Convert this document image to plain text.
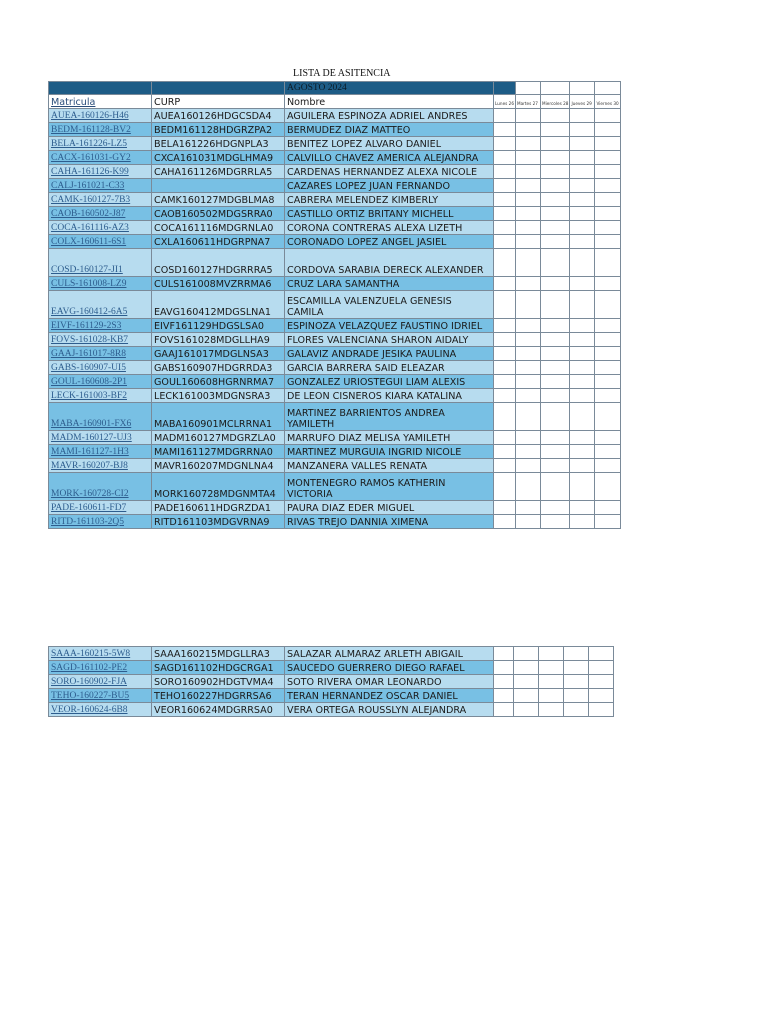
LISTA DE ASITENCIA
		AGOSTO 2024					
Matricula	CURP	Nombre	Lunes 26	Martes 27	Miercoles 28	Jueves 29	Viernes 30
AUEA-160126-H46	AUEA160126HDGCSDA4	AGUILERA ESPINOZA ADRIEL ANDRES					
BEDM-161128-BV2	BEDM161128HDGRZPA2	BERMUDEZ DIAZ MATTEO					
BELA-161226-LZ5	BELA161226HDGNPLA3	BENITEZ LOPEZ ALVARO DANIEL					
CACX-161031-GY2	CXCA161031MDGLHMA9	CALVILLO CHAVEZ AMERICA ALEJANDRA					
CAHA-161126-K99	CAHA161126MDGRRLA5	CARDENAS HERNANDEZ ALEXA NICOLE					
CALJ-161021-C33		CAZARES LOPEZ JUAN FERNANDO					
CAMK-160127-7B3	CAMK160127MDGBLMA8	CABRERA MELENDEZ KIMBERLY					
CAOB-160502-J87	CAOB160502MDGSRRA0	CASTILLO ORTIZ BRITANY MICHELL					
COCA-161116-AZ3	COCA161116MDGRNLA0	CORONA CONTRERAS ALEXA LIZETH					
COLX-160611-6S1	CXLA160611HDGRPNA7	CORONADO LOPEZ ANGEL JASIEL					
COSD-160127-JI1	COSD160127HDGRRRA5	CORDOVA SARABIA DERECK ALEXANDER					
CULS-161008-LZ9	CULS161008MVZRRMA6	CRUZ LARA SAMANTHA					
EAVG-160412-6A5	EAVG160412MDGSLNA1	ESCAMILLA VALENZUELA GENESIS CAMILA					
EIVF-161129-2S3	EIVF161129HDGSLSA0	ESPINOZA VELAZQUEZ FAUSTINO IDRIEL					
FOVS-161028-KB7	FOVS161028MDGLLHA9	FLORES VALENCIANA SHARON AIDALY					
GAAJ-161017-8R8	GAAJ161017MDGLNSA3	GALAVIZ ANDRADE JESIKA PAULINA					
GABS-160907-UI5	GABS160907HDGRRDA3	GARCIA BARRERA SAID ELEAZAR					
GOUL-160608-2P1	GOUL160608HGRNRMA7	GONZALEZ URIOSTEGUI LIAM ALEXIS					
LECK-161003-BF2	LECK161003MDGNSRA3	DE LEON CISNEROS KIARA KATALINA					
MABA-160901-FX6	MABA160901MCLRRNA1	MARTINEZ BARRIENTOS ANDREA YAMILETH					
MADM-160127-UJ3	MADM160127MDGRZLA0	MARRUFO DIAZ MELISA YAMILETH					
MAMI-161127-1H3	MAMI161127MDGRRNA0	MARTINEZ MURGUIA INGRID NICOLE					
MAVR-160207-BJ8	MAVR160207MDGNLNA4	MANZANERA VALLES RENATA					
MORK-160728-CI2	MORK160728MDGNMTA4	MONTENEGRO RAMOS KATHERIN VICTORIA					
PADE-160611-FD7	PADE160611HDGRZDA1	PAURA DIAZ EDER MIGUEL					
RITD-161103-2Q5	RITD161103MDGVRNA9	RIVAS TREJO DANNIA XIMENA					
SAAA-160215-5W8	SAAA160215MDGLLRA3	SALAZAR ALMARAZ ARLETH ABIGAIL					
SAGD-161102-PE2	SAGD161102HDGCRGA1	SAUCEDO GUERRERO DIEGO RAFAEL					
SORO-160902-FJA	SORO160902HDGTVMA4	SOTO RIVERA OMAR LEONARDO					
TEHO-160227-BU5	TEHO160227HDGRRSA6	TERAN HERNANDEZ OSCAR DANIEL					
VEOR-160624-6B8	VEOR160624MDGRRSA0	VERA ORTEGA ROUSSLYN ALEJANDRA					
